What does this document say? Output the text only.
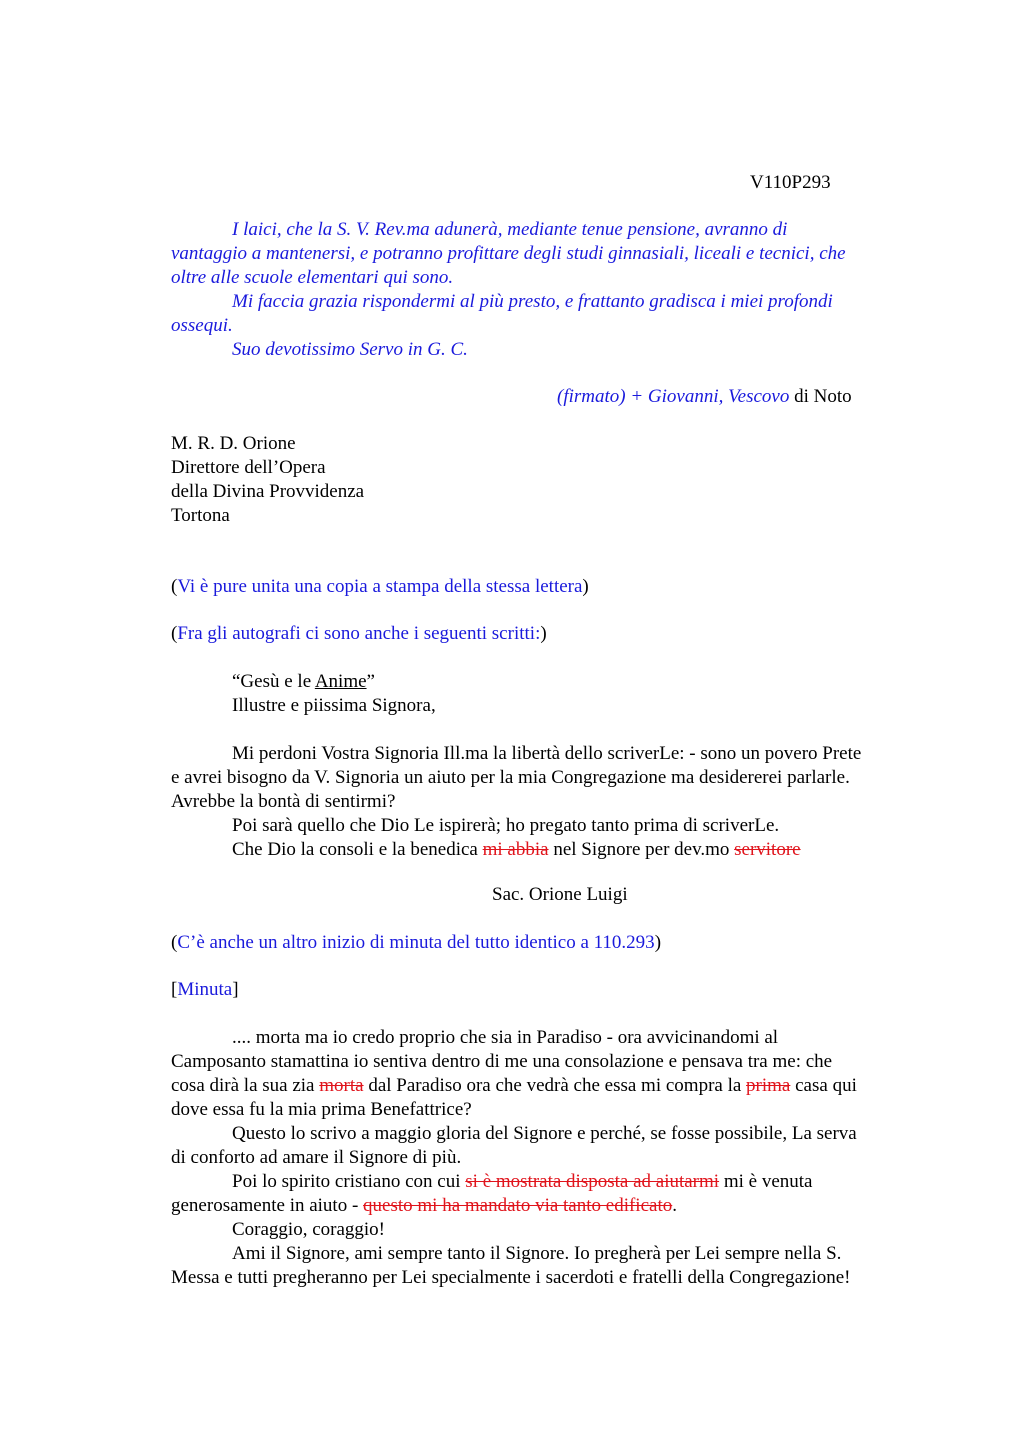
V110P293
I laici, che la S. V. Rev.ma adunerà, mediante tenue pensione, avranno di
vantaggio a mantenersi, e potranno profittare degli studi ginnasiali, liceali e tecnici, che
oltre alle scuole elementari qui sono.
Mi faccia grazia rispondermi al più presto, e frattanto gradisca i miei profondi
ossequi.
Suo devotissimo Servo in G. C.
(firmato) + Giovanni, Vescovo di Noto
M. R. D. Orione
Direttore dell’Opera
della Divina Provvidenza
Tortona
(Vi è pure unita una copia a stampa della stessa lettera)
(Fra gli autografi ci sono anche i seguenti scritti:)
“Gesù e le Anime”
Illustre e piissima Signora,

Mi perdoni Vostra Signoria Ill.ma la libertà dello scriverLe: - sono un povero Prete
e avrei bisogno da V. Signoria un aiuto per la mia Congregazione ma desidererei parlarle.
Avrebbe la bontà di sentirmi?
Poi sarà quello che Dio Le ispirerà; ho pregato tanto prima di scriverLe.
Che Dio la consoli e la benedica mi abbia nel Signore per dev.mo servitore
Sac. Orione Luigi
(C’è anche un altro inizio di minuta del tutto identico a 110.293)
[Minuta]
.... morta ma io credo proprio che sia in Paradiso - ora avvicinandomi al
Camposanto stamattina io sentiva dentro di me una consolazione e pensava tra me: che
cosa dirà la sua zia morta dal Paradiso ora che vedrà che essa mi compra la prima casa qui
dove essa fu la mia prima Benefattrice?
Questo lo scrivo a maggio gloria del Signore e perché, se fosse possibile, La serva
di conforto ad amare il Signore di più.
Poi lo spirito cristiano con cui si è mostrata disposta ad aiutarmi mi è venuta
generosamente in aiuto - questo mi ha mandato via tanto edificato.
Coraggio, coraggio!
Ami il Signore, ami sempre tanto il Signore. Io pregherà per Lei sempre nella S.
Messa e tutti pregheranno per Lei specialmente i sacerdoti e fratelli della Congregazione!
